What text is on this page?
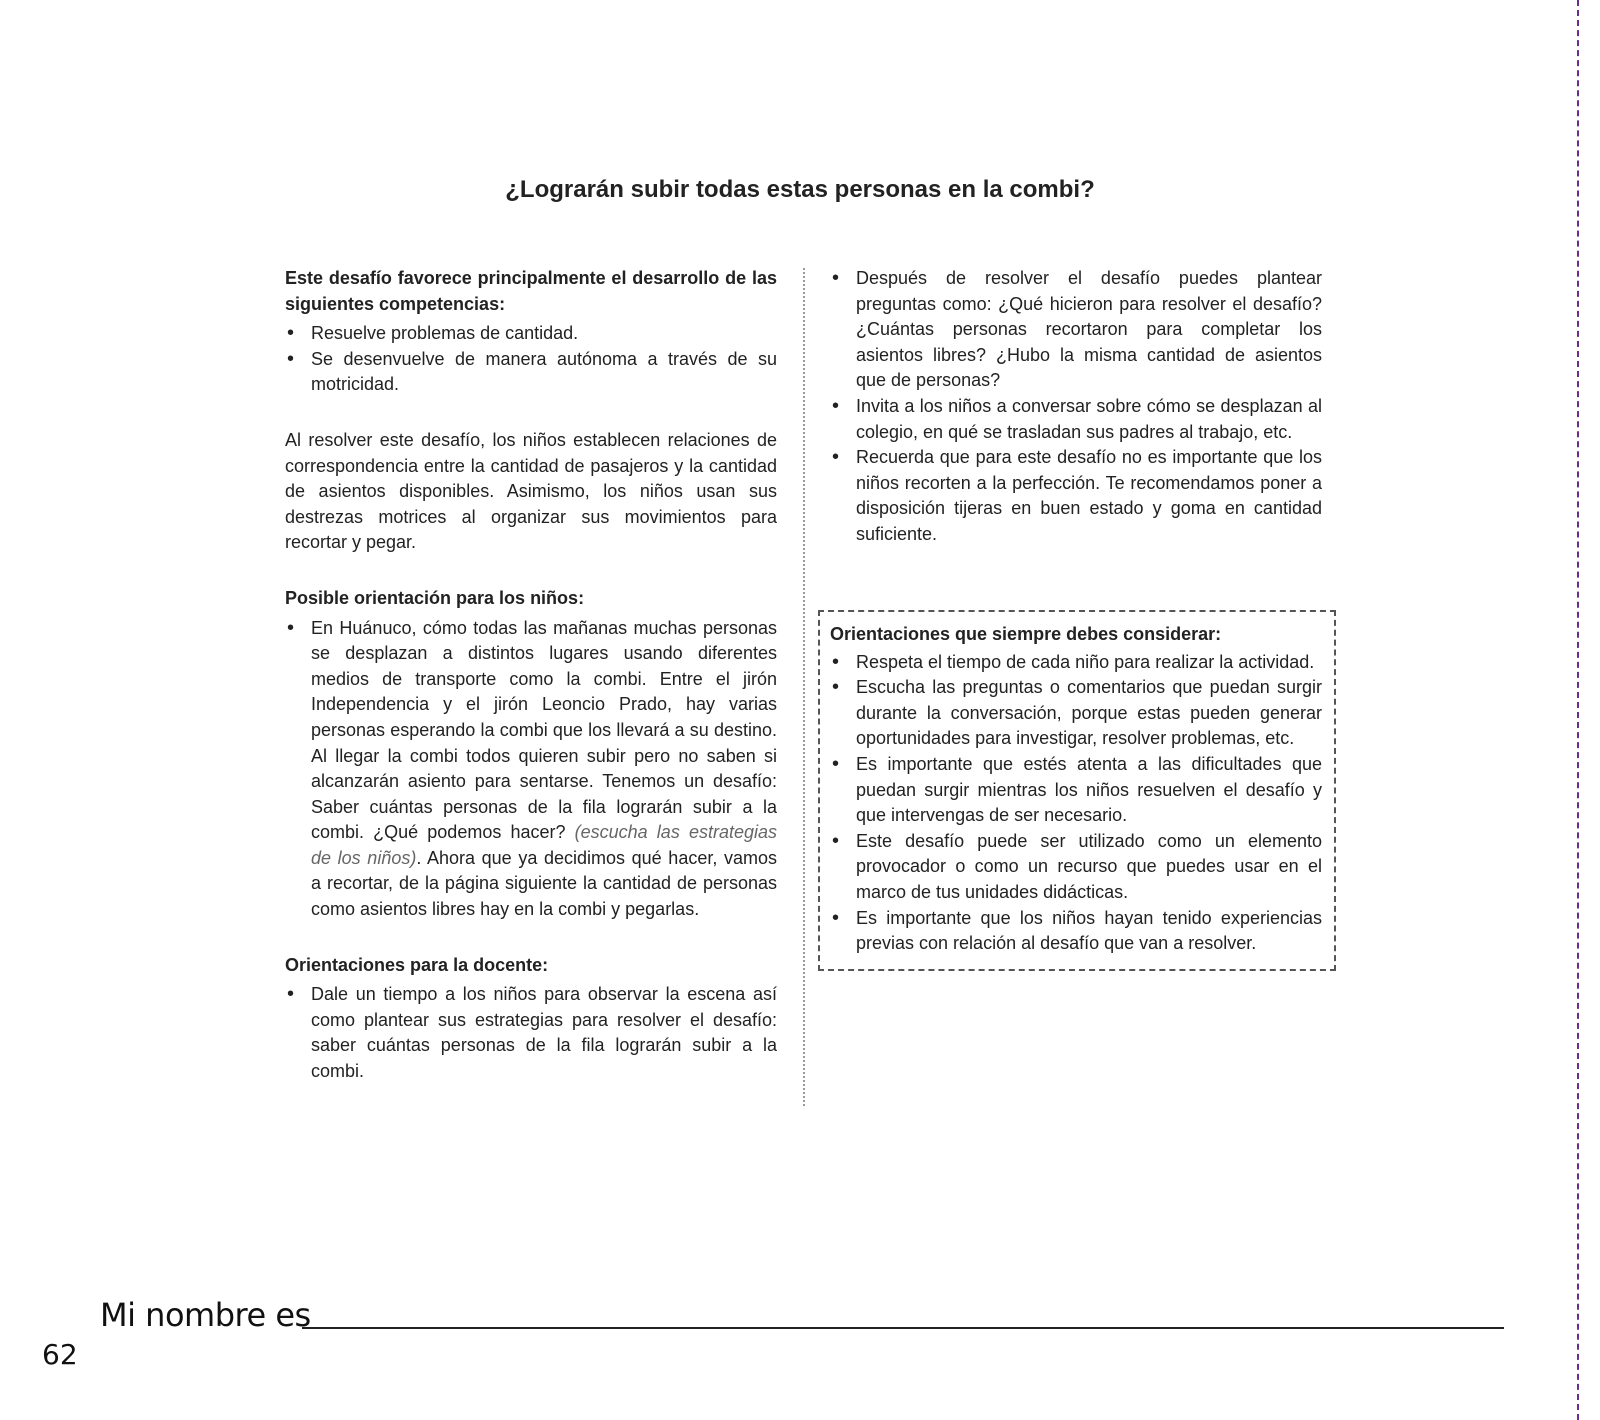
¿Lograrán subir todas estas personas en la combi?
Este desafío favorece principalmente el desarrollo de las siguientes competencias:
• Resuelve problemas de cantidad.
• Se desenvuelve de manera autónoma a través de su motricidad.

Al resolver este desafío, los niños establecen relaciones de correspondencia entre la cantidad de pasajeros y la cantidad de asientos disponibles. Asimismo, los niños usan sus destrezas motrices al organizar sus movimientos para recortar y pegar.

Posible orientación para los niños:
• En Huánuco, cómo todas las mañanas muchas personas se desplazan a distintos lugares usando diferentes medios de transporte como la combi. Entre el jirón Independencia y el jirón Leoncio Prado, hay varias personas esperando la combi que los llevará a su destino. Al llegar la combi todos quieren subir pero no saben si alcanzarán asiento para sentarse. Tenemos un desafío: Saber cuántas personas de la fila lograrán subir a la combi. ¿Qué podemos hacer? (escucha las estrategias de los niños). Ahora que ya decidimos qué hacer, vamos a recortar, de la página siguiente la cantidad de personas como asientos libres hay en la combi y pegarlas.
Orientaciones para la docente:
• Dale un tiempo a los niños para observar la escena así como plantear sus estrategias para resolver el desafío: saber cuántas personas de la fila lograrán subir a la combi.
• Después de resolver el desafío puedes plantear preguntas como: ¿Qué hicieron para resolver el desafío? ¿Cuántas personas recortaron para completar los asientos libres? ¿Hubo la misma cantidad de asientos que de personas?
• Invita a los niños a conversar sobre cómo se desplazan al colegio, en qué se trasladan sus padres al trabajo, etc.
• Recuerda que para este desafío no es importante que los niños recorten a la perfección. Te recomendamos poner a disposición tijeras en buen estado y goma en cantidad suficiente.
Orientaciones que siempre debes considerar:
• Respeta el tiempo de cada niño para realizar la actividad.
• Escucha las preguntas o comentarios que puedan surgir durante la conversación, porque estas pueden generar oportunidades para investigar, resolver problemas, etc.
• Es importante que estés atenta a las dificultades que puedan surgir mientras los niños resuelven el desafío y que intervengas de ser necesario.
• Este desafío puede ser utilizado como un elemento provocador o como un recurso que puedes usar en el marco de tus unidades didácticas.
• Es importante que los niños hayan tenido experiencias previas con relación al desafío que van a resolver.
Mi nombre es
62
